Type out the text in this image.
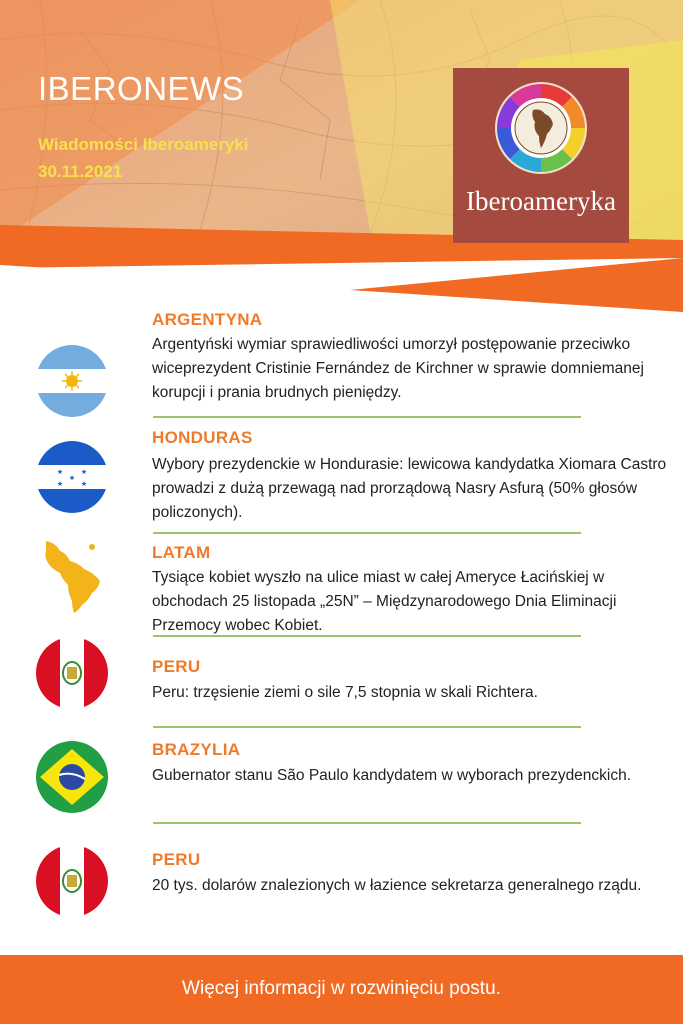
IBERONEWS
Wiadomości Iberoameryki
30.11.2021
Iberoameryka
ARGENTYNA
Argentyński wymiar sprawiedliwości umorzył postępowanie przeciwko wiceprezydent Cristinie Fernández de Kirchner w sprawie domniemanej korupcji i prania brudnych pieniędzy.
★	★
★
★	★
HONDURAS
Wybory prezydenckie w Hondurasie: lewicowa kandydatka Xiomara Castro prowadzi z dużą przewagą nad prorządową Nasry Asfurą (50% głosów policzonych).
LATAM
Tysiące kobiet wyszło na ulice miast w całej Ameryce Łacińskiej w obchodach 25 listopada „25N” – Międzynarodowego Dnia Eliminacji Przemocy wobec Kobiet.
PERU
Peru: trzęsienie ziemi o sile 7,5 stopnia w skali Richtera.
BRAZYLIA
Gubernator stanu São Paulo kandydatem w wyborach prezydenckich.
PERU
20 tys. dolarów znalezionych w łazience sekretarza generalnego rządu.
Więcej informacji w rozwinięciu postu.
